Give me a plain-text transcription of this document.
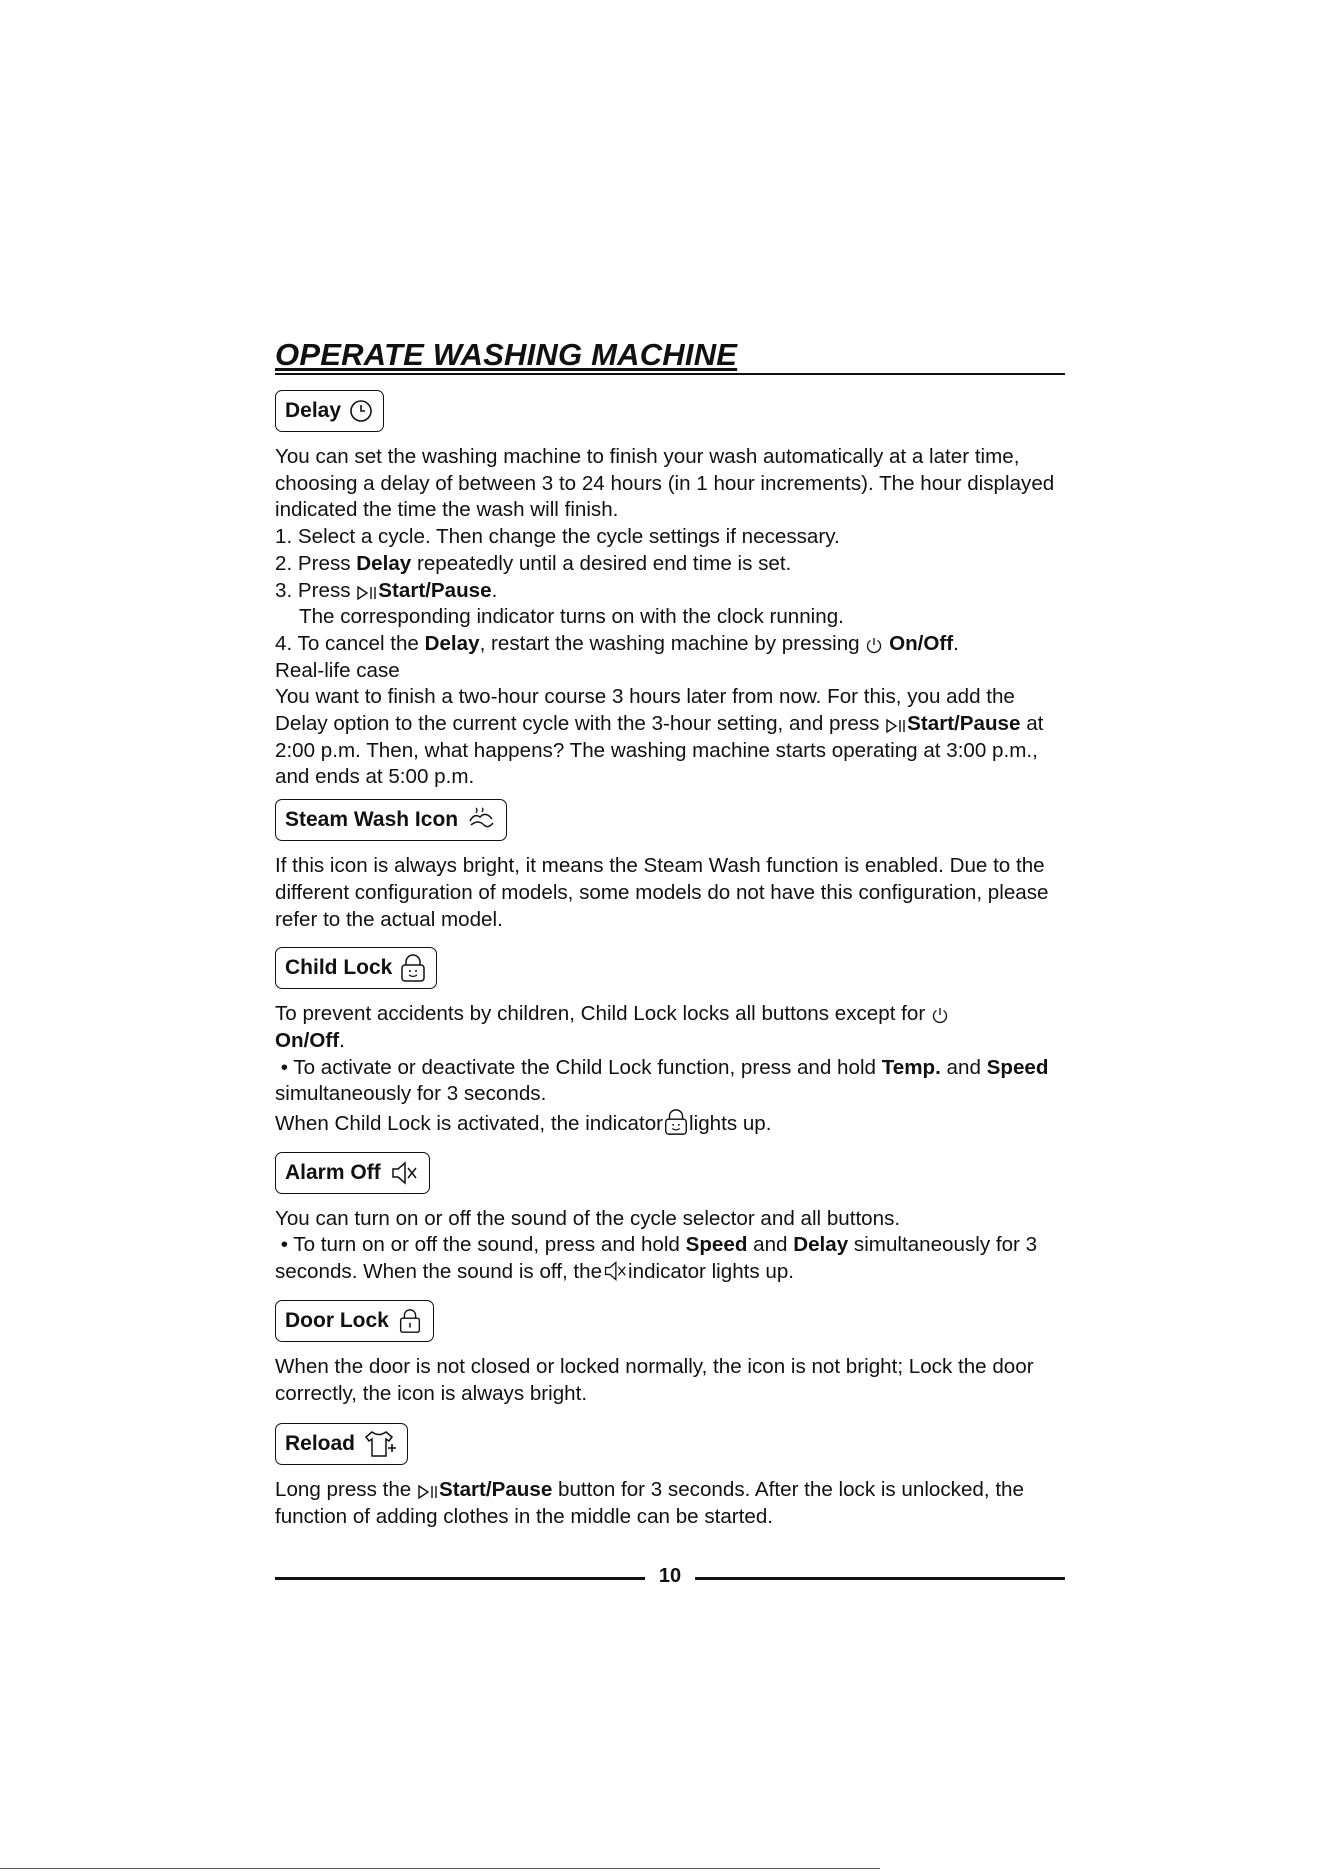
OPERATE WASHING MACHINE
Delay

You can set the washing machine to finish your wash automatically at a later time, choosing a delay of between 3 to 24 hours (in 1 hour increments). The hour displayed indicated the time the wash will finish.

1. Select a cycle. Then change the cycle settings if necessary.

2. Press Delay repeatedly until a desired end time is set.

3. Press Start/Pause.

The corresponding indicator turns on with the clock running.

4. To cancel the Delay, restart the washing machine by pressing  On/Off.

Real-life case

You want to finish a two-hour course 3 hours later from now. For this, you add the Delay option to the current cycle with the 3-hour setting, and press Start/Pause at 2:00 p.m. Then, what happens? The washing machine starts operating at 3:00 p.m., and ends at 5:00 p.m.

Steam Wash Icon

If this icon is always bright, it means the Steam Wash function is enabled. Due to the different configuration of models, some models do not have this configuration, please refer to the actual model.

Child Lock

To prevent accidents by children, Child Lock locks all buttons except for
On/Off.

• To activate or deactivate the Child Lock function, press and hold Temp. and Speed simultaneously for 3 seconds.

When Child Lock is activated, the indicator lights up.

Alarm Off

You can turn on or off the sound of the cycle selector and all buttons.

• To turn on or off the sound, press and hold Speed and Delay simultaneously for 3 seconds. When the sound is off, the indicator lights up.

Door Lock

When the door is not closed or locked normally, the icon is not bright; Lock the door correctly, the icon is always bright.

Reload

Long press the Start/Pause button for 3 seconds. After the lock is unlocked, the function of adding clothes in the middle can be started.

10
